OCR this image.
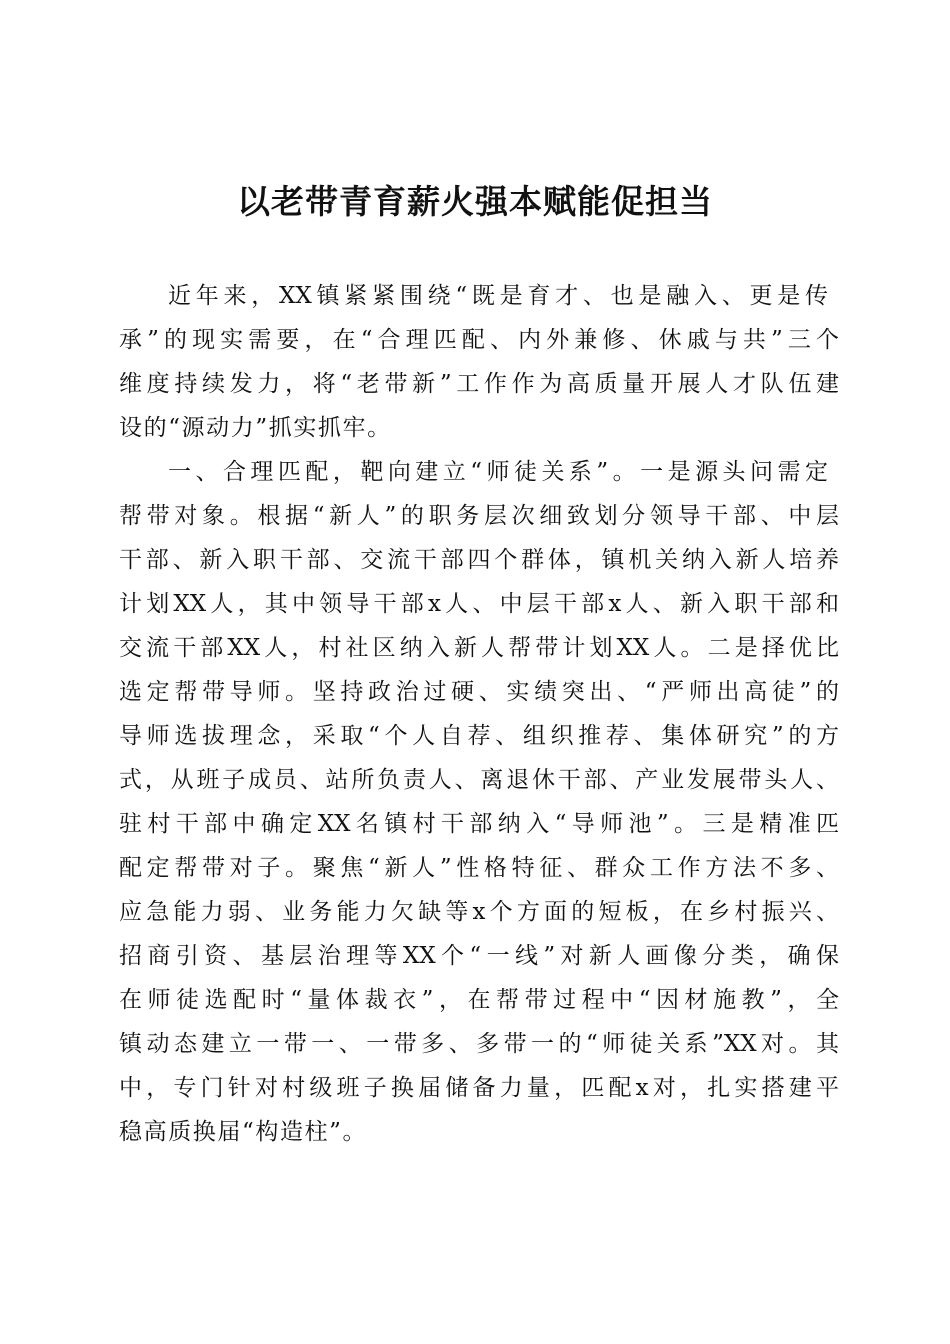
以老带青育薪火强本赋能促担当
近年来，XX镇紧紧围绕“既是育才、也是融入、更是传
承”的现实需要，在“合理匹配、内外兼修、休戚与共”三个
维度持续发力，将“老带新”工作作为高质量开展人才队伍建
设的“源动力”抓实抓牢。
一、合理匹配，靶向建立“师徒关系”。一是源头问需定
帮带对象。根据“新人”的职务层次细致划分领导干部、中层
干部、新入职干部、交流干部四个群体，镇机关纳入新人培养
计划XX人，其中领导干部x人、中层干部x人、新入职干部和
交流干部XX人，村社区纳入新人帮带计划XX人。二是择优比
选定帮带导师。坚持政治过硬、实绩突出、“严师出高徒”的
导师选拔理念，采取“个人自荐、组织推荐、集体研究”的方
式，从班子成员、站所负责人、离退休干部、产业发展带头人、
驻村干部中确定XX名镇村干部纳入“导师池”。三是精准匹
配定帮带对子。聚焦“新人”性格特征、群众工作方法不多、
应急能力弱、业务能力欠缺等x个方面的短板，在乡村振兴、
招商引资、基层治理等XX个“一线”对新人画像分类，确保
在师徒选配时“量体裁衣”，在帮带过程中“因材施教”，全
镇动态建立一带一、一带多、多带一的“师徒关系”XX对。其
中，专门针对村级班子换届储备力量，匹配x对，扎实搭建平
稳高质换届“构造柱”。
